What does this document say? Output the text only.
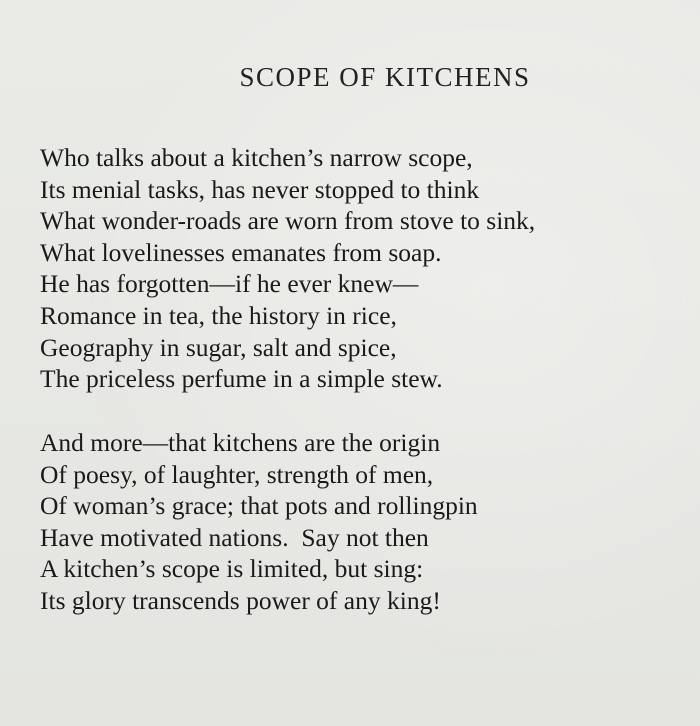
SCOPE OF KITCHENS
Who talks about a kitchen’s narrow scope,
Its menial tasks, has never stopped to think
What wonder-roads are worn from stove to sink,
What lovelinesses emanates from soap.
He has forgotten—if he ever knew—
Romance in tea, the history in rice,
Geography in sugar, salt and spice,
The priceless perfume in a simple stew.
And more—that kitchens are the origin
Of poesy, of laughter, strength of men,
Of woman’s grace; that pots and rollingpin
Have motivated nations.  Say not then
A kitchen’s scope is limited, but sing:
Its glory transcends power of any king!
